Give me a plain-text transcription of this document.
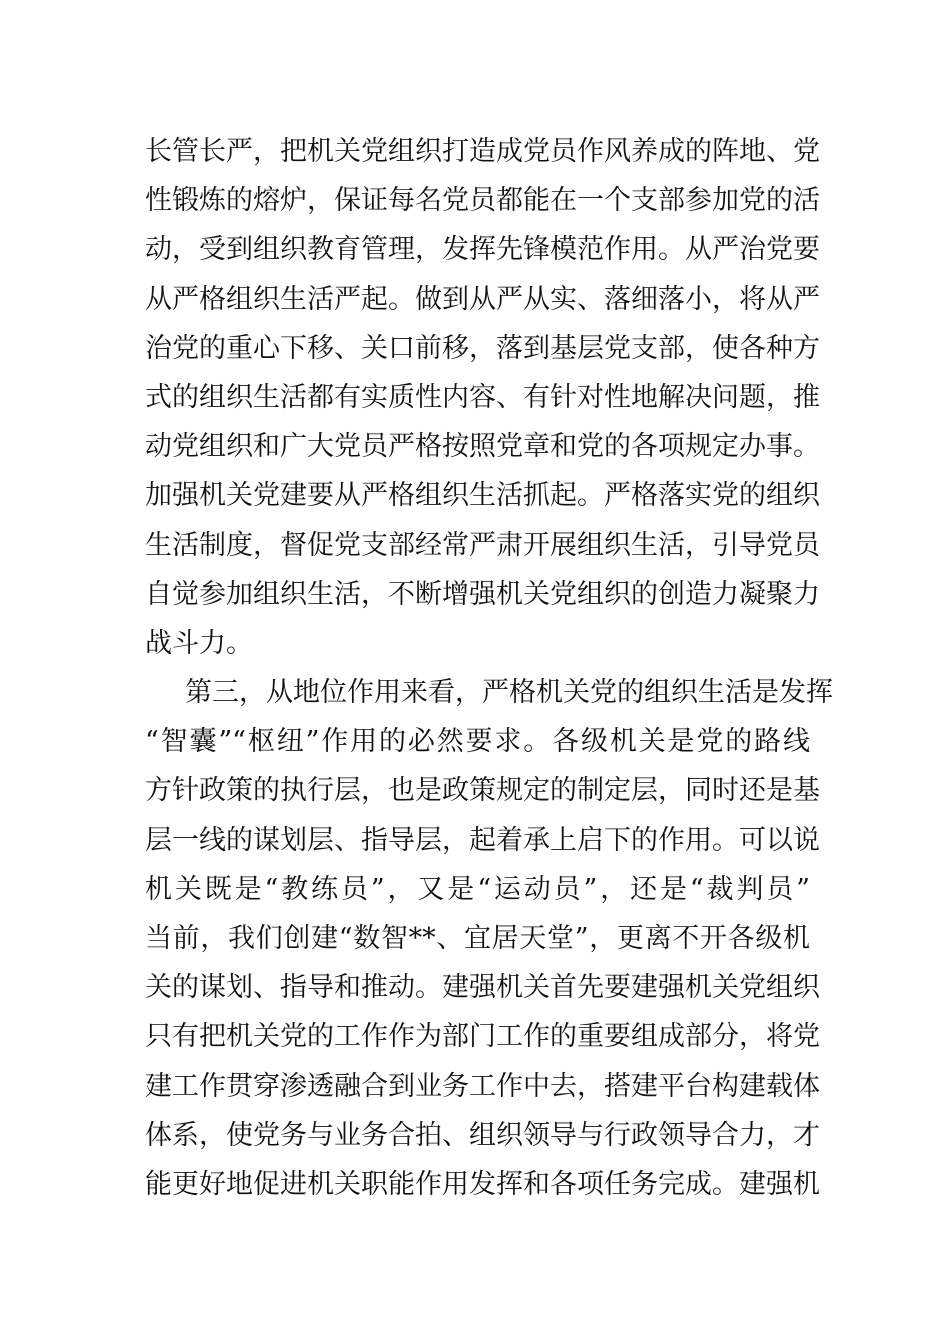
长管长严，把机关党组织打造成党员作风养成的阵地、党
性锻炼的熔炉，保证每名党员都能在一个支部参加党的活
动，受到组织教育管理，发挥先锋模范作用。从严治党要
从严格组织生活严起。做到从严从实、落细落小，将从严
治党的重心下移、关口前移，落到基层党支部，使各种方
式的组织生活都有实质性内容、有针对性地解决问题，推
动党组织和广大党员严格按照党章和党的各项规定办事。
加强机关党建要从严格组织生活抓起。严格落实党的组织
生活制度，督促党支部经常严肃开展组织生活，引导党员
自觉参加组织生活，不断增强机关党组织的创造力凝聚力
战斗力。
第三，从地位作用来看，严格机关党的组织生活是发挥
“智囊”“枢纽”作用的必然要求。各级机关是党的路线
方针政策的执行层，也是政策规定的制定层，同时还是基
层一线的谋划层、指导层，起着承上启下的作用。可以说
机关既是“教练员”，又是“运动员”，还是“裁判员”
当前，我们创建“数智**、宜居天堂”，更离不开各级机
关的谋划、指导和推动。建强机关首先要建强机关党组织
只有把机关党的工作作为部门工作的重要组成部分，将党
建工作贯穿渗透融合到业务工作中去，搭建平台构建载体
体系，使党务与业务合拍、组织领导与行政领导合力，才
能更好地促进机关职能作用发挥和各项任务完成。建强机
